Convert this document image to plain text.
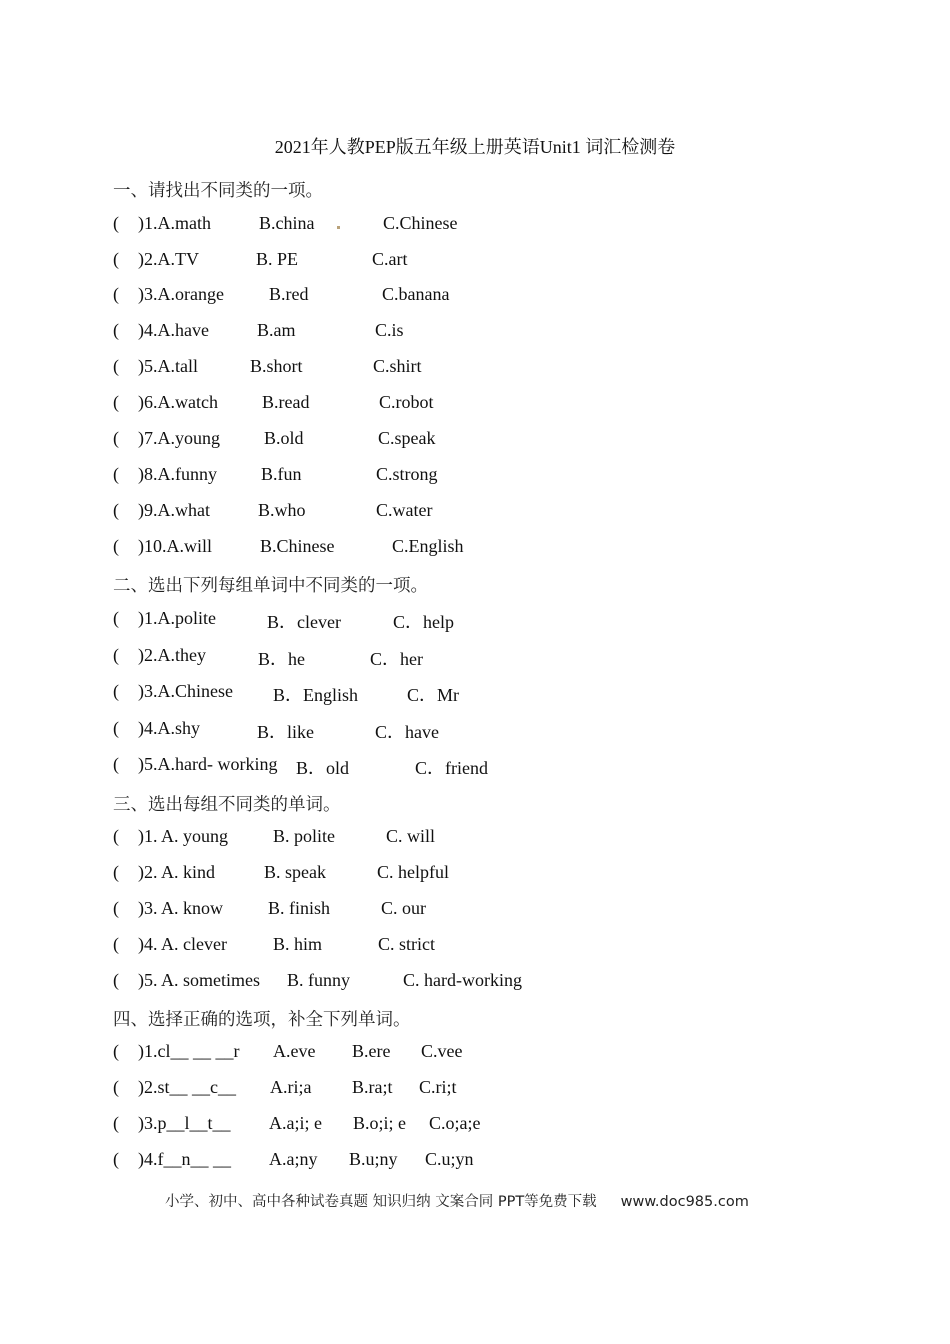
2021年人教PEP版五年级上册英语Unit1 词汇检测卷
一、请找出不同类的一项。
( )1.A.math	B.china	C.Chinese
( )2.A.TV	B. PE	C.art
( )3.A.orange	B.red	C.banana
( )4.A.have	B.am	C.is
( )5.A.tall	B.short	C.shirt
( )6.A.watch B.read	C.robot
( )7.A.young B.old	C.speak
( )8.A.funny B.fun	C.strong
( )9.A.what	B.who	C.water
( )10.A.will	B.Chinese	C.English
二、选出下列每组单词中不同类的一项。
( )1.A.polite	B．clever	C．help
( )2.A.they	B．he	C．her
( )3.A.Chinese B．English	C．Mr
( )4.A.shy	B．like	C．have
( )5.A.hard- working B．old	C．friend
三、选出每组不同类的单词。
( )1. A. young	B. polite	C. will
( )2. A. kind	B. speak	C. helpful
( )3. A. know	B. finish	C. our
( )4. A. clever	B. him	C. strict
( )5. A. sometimes B. funny	C. hard-working
四、选择正确的选项，补全下列单词。
( )1.cl__ __ __r A.eve B.ere C.vee
( )2.st__ __c__ A.ri;a B.ra;t C.ri;t
( )3.p__l__t__ A.a;i; e B.o;i; e C.o;a;e
( )4.f__n__ __ A.a;ny B.u;ny C.u;yn
小学、初中、高中各种试卷真题 知识归纳 文案合同 PPT等免费下载 www.doc985.com
